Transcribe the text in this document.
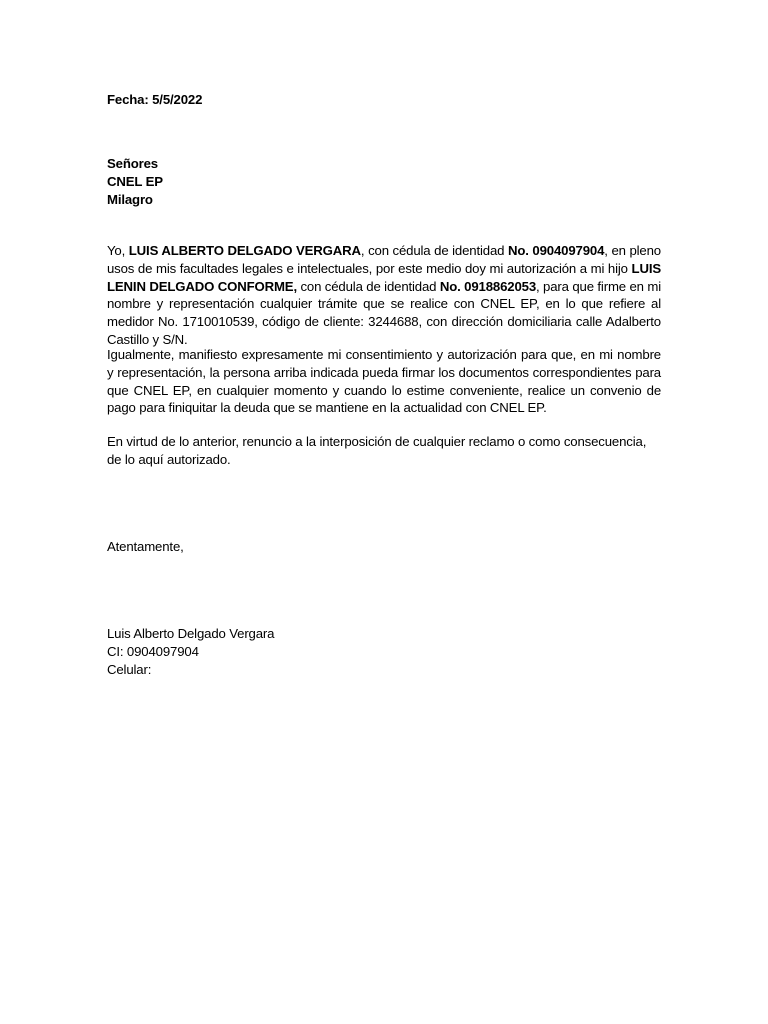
Fecha: 5/5/2022
Señores
CNEL EP
Milagro
Yo, LUIS ALBERTO DELGADO VERGARA, con cédula de identidad No. 0904097904, en pleno usos de mis facultades legales e intelectuales, por este medio doy mi autorización a mi hijo LUIS LENIN DELGADO CONFORME, con cédula de identidad No. 0918862053, para que firme en mi nombre y representación cualquier trámite que se realice con CNEL EP, en lo que refiere al medidor No. 1710010539, código de cliente: 3244688, con dirección domiciliaria calle Adalberto Castillo y S/N.
Igualmente, manifiesto expresamente mi consentimiento y autorización para que, en mi nombre y representación, la persona arriba indicada pueda firmar los documentos correspondientes para que CNEL EP, en cualquier momento y cuando lo estime conveniente, realice un convenio de pago para finiquitar la deuda que se mantiene en la actualidad con CNEL EP.
En virtud de lo anterior, renuncio a la interposición de cualquier reclamo o como consecuencia, de lo aquí autorizado.
Atentamente,
Luis Alberto Delgado Vergara
CI: 0904097904
Celular:
